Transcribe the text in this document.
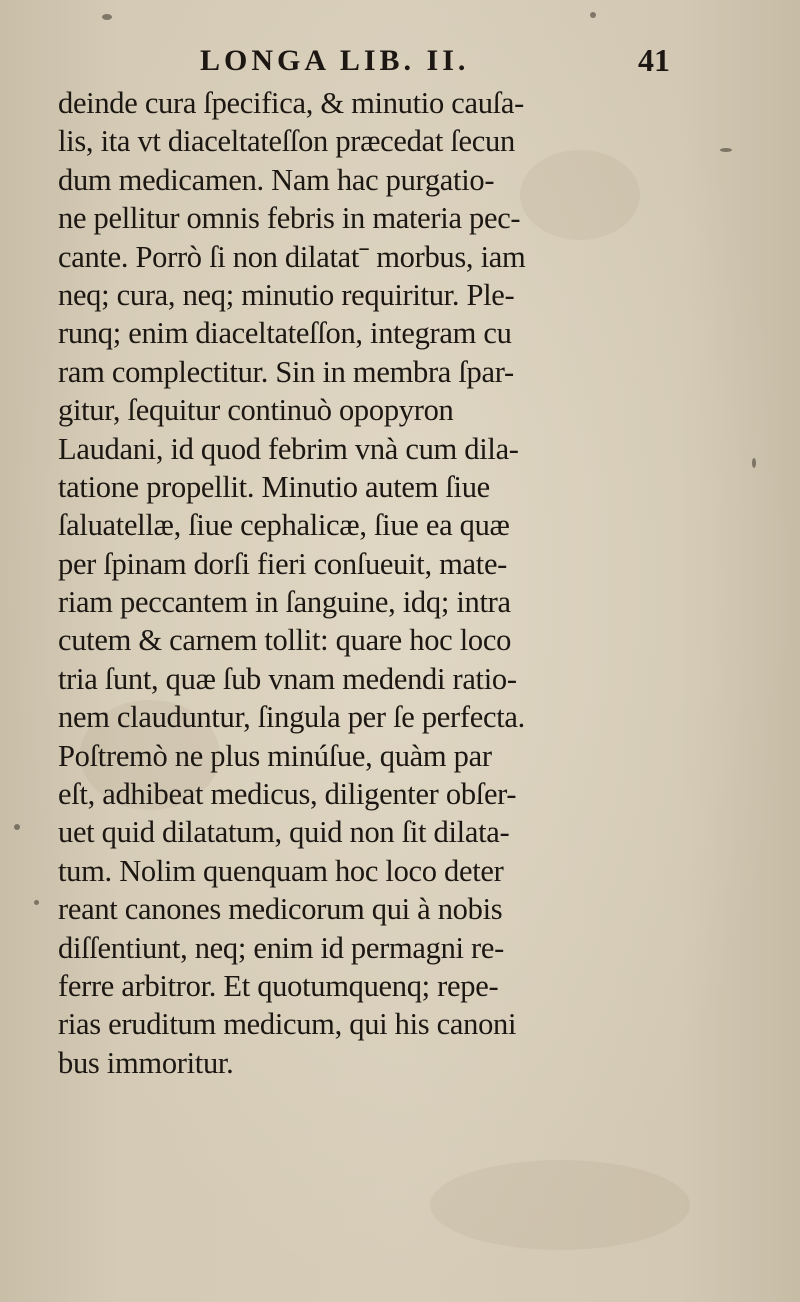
LONGA LIB. II.	41
deinde cura ſpecifica, & minutio cauſa-
lis, ita vt diaceltateſſon præcedat ſecun
dum medicamen. Nam hac purgatio-
ne pellitur omnis febris in materia pec-
cante. Porrò ſi non dilatatˉ morbus, iam
neq; cura, neq; minutio requiritur. Ple-
runq; enim diaceltateſſon, integram cu
ram complectitur. Sin in membra ſpar-
gitur, ſequitur continuò opopyron
Laudani, id quod febrim vnà cum dila-
tatione propellit. Minutio autem ſiue
ſaluatellæ, ſiue cephalicæ, ſiue ea quæ
per ſpinam dorſi fieri conſueuit, mate-
riam peccantem in ſanguine, idq; intra
cutem & carnem tollit: quare hoc loco
tria ſunt, quæ ſub vnam medendi ratio-
nem clauduntur, ſingula per ſe perfecta.
Poſtremò ne plus minúſue, quàm par
eſt, adhibeat medicus, diligenter obſer-
uet quid dilatatum, quid non ſit dilata-
tum. Nolim quenquam hoc loco deter
reant canones medicorum qui à nobis
diſſentiunt, neq; enim id permagni re-
ferre arbitror. Et quotumquenq; repe-
rias eruditum medicum, qui his canoni
bus immoritur.
